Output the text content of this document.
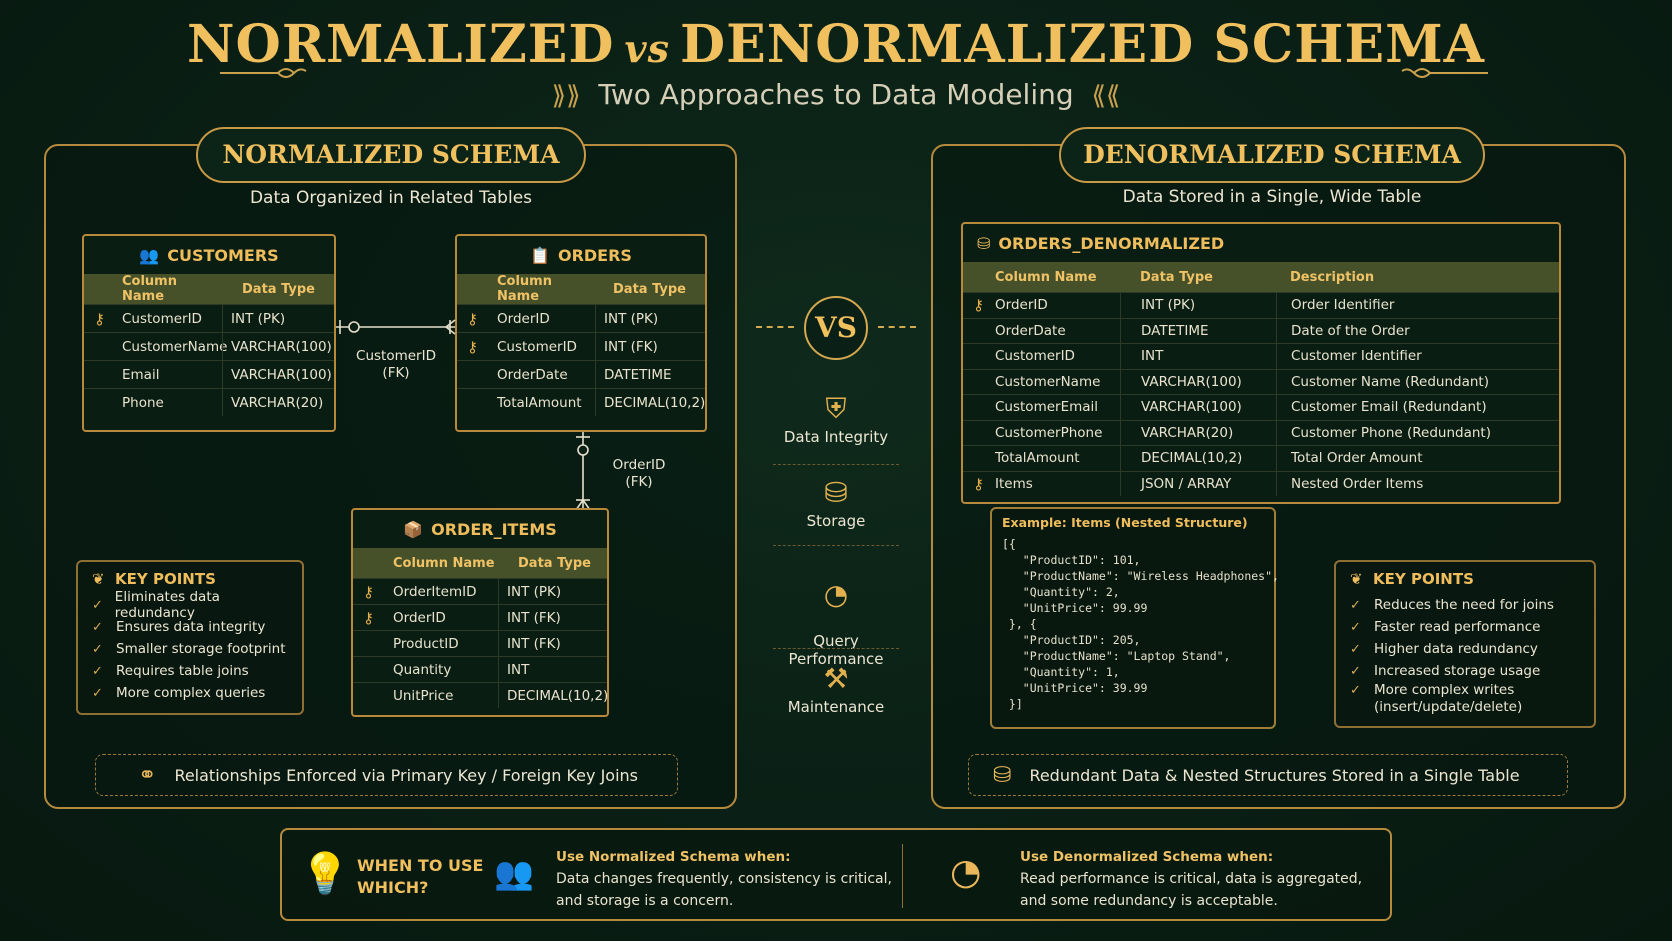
NORMALIZED vs DENORMALIZED SCHEMA
⟫⟫ Two Approaches to Data Modeling ⟪⟪
NORMALIZED SCHEMA
Data Organized in Related Tables
👥 CUSTOMERS
Column Name	Data Type
⚷	CustomerID	INT (PK)
CustomerName VARCHAR(100)
Email	VARCHAR(100)
Phone	VARCHAR(20)
📋 ORDERS
Column Name	Data Type
⚷	OrderID	INT (PK)
⚷	CustomerID	INT (FK)
OrderDate	DATETIME
TotalAmount	DECIMAL(10,2)
CustomerID
(FK)
OrderID
(FK)
📦 ORDER_ITEMS
Column Name	Data Type
⚷	OrderItemID	INT (PK)
⚷	OrderID	INT (FK)
ProductID	INT (FK)
Quantity	INT
UnitPrice	DECIMAL(10,2)
❦ KEY POINTS
✓ Eliminates data redundancy
✓ Ensures data integrity
✓ Smaller storage footprint
✓ Requires table joins
✓ More complex queries
⚭ Relationships Enforced via Primary Key / Foreign Key Joins
VS
⛨
Data Integrity
⛁
Storage

◔

Query
Performance

⚒
Maintenance
DENORMALIZED SCHEMA
Data Stored in a Single, Wide Table
⛁ ORDERS_DENORMALIZED
Column Name	Data Type	Description
⚷ OrderID	INT (PK)	Order Identifier
OrderDate	DATETIME	Date of the Order
CustomerID	INT	Customer Identifier
CustomerName	VARCHAR(100)	Customer Name (Redundant)
CustomerEmail	VARCHAR(100)	Customer Email (Redundant)
CustomerPhone	VARCHAR(20)	Customer Phone (Redundant)
TotalAmount	DECIMAL(10,2)	Total Order Amount
⚷ Items	JSON / ARRAY	Nested Order Items
Example: Items (Nested Structure)
[{
"ProductID": 101,
"ProductName": "Wireless Headphones",
"Quantity": 2,
"UnitPrice": 99.99
}, {
"ProductID": 205,
"ProductName": "Laptop Stand",
"Quantity": 1,
"UnitPrice": 39.99
}]
❦ KEY POINTS
✓ Reduces the need for joins
✓ Faster read performance
✓ Higher data redundancy
✓ Increased storage usage
✓ More complex writes
(insert/update/delete)
⛁ Redundant Data & Nested Structures Stored in a Single Table
💡 WHEN TO USE
WHICH?	👥 Use Normalized Schema when:
Data changes frequently, consistency is critical,
and storage is a concern.
◔	Use Denormalized Schema when:
Read performance is critical, data is aggregated,
and some redundancy is acceptable.
